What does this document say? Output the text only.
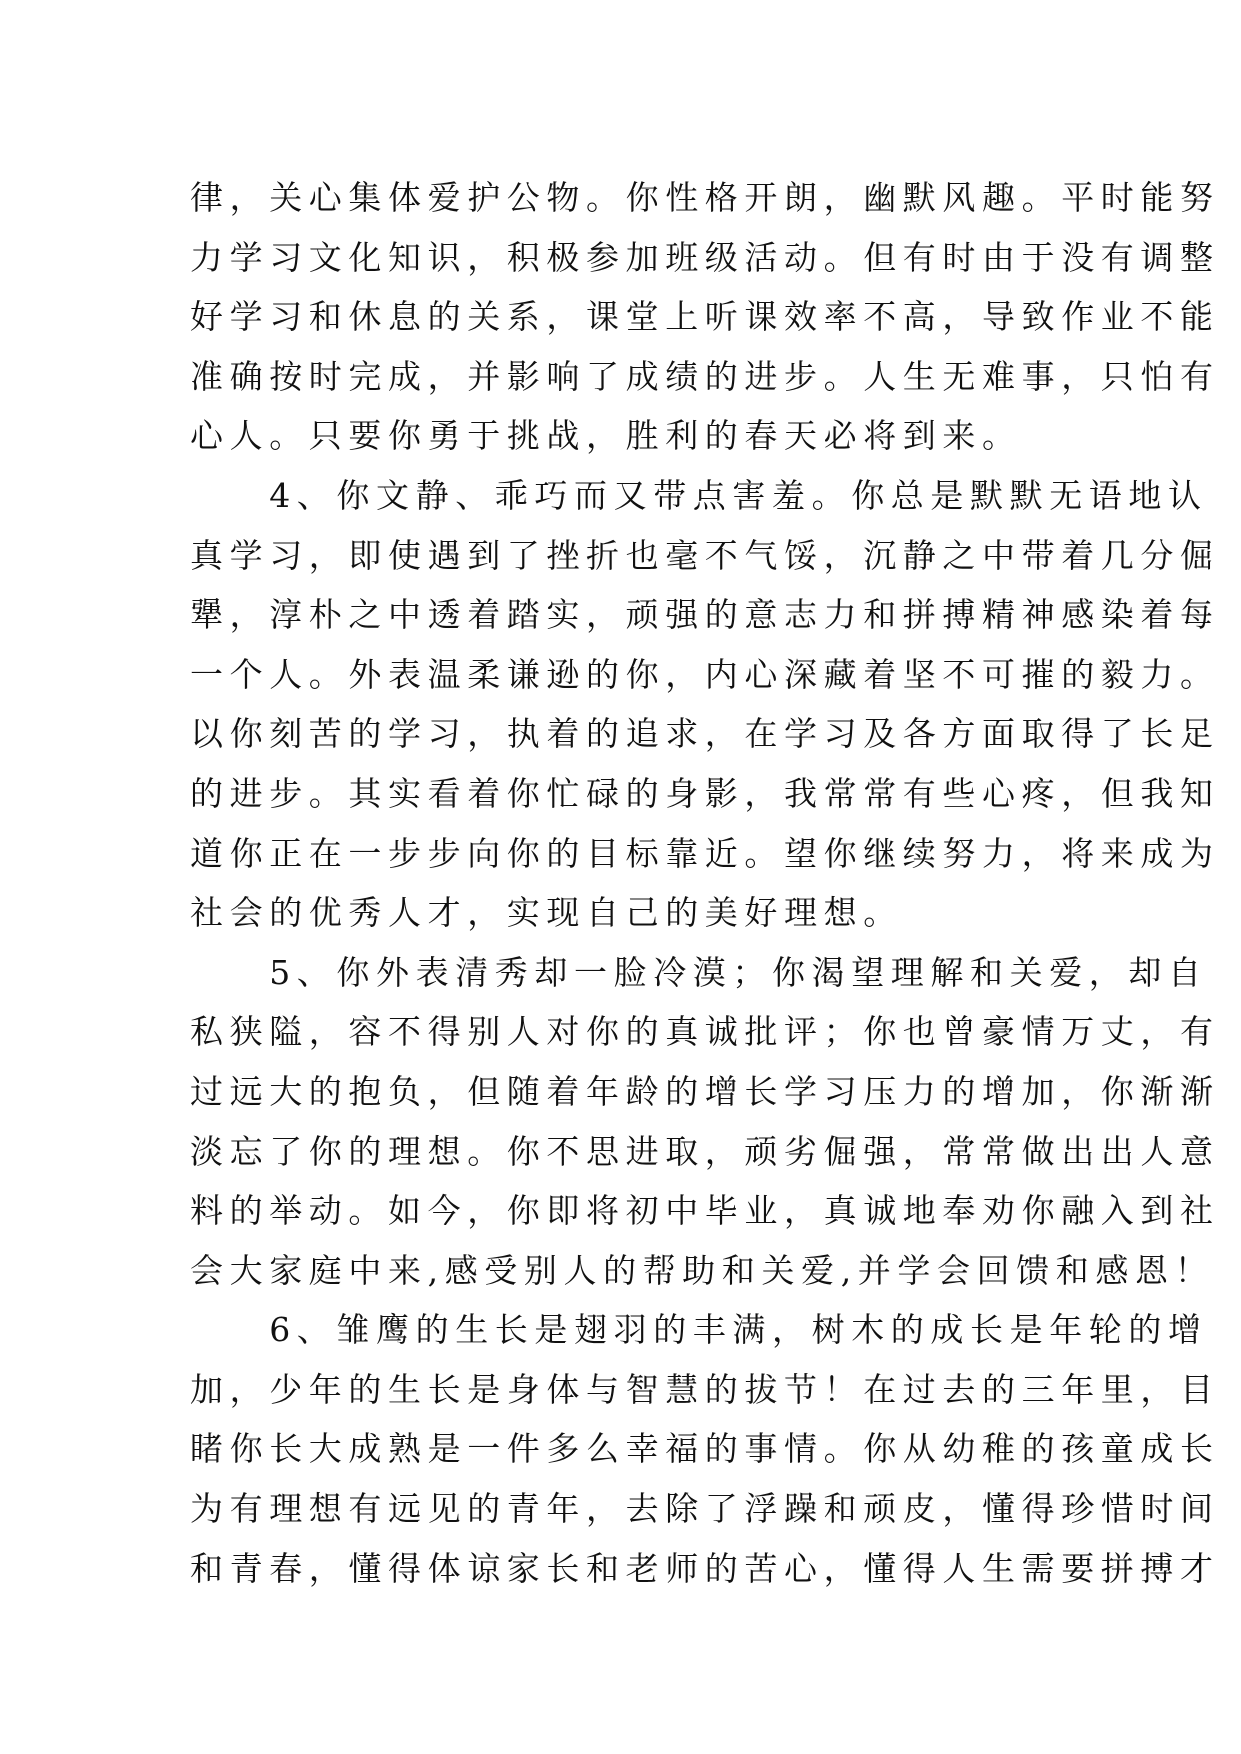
律，关心集体爱护公物。你性格开朗，幽默风趣。平时能努
力学习文化知识，积极参加班级活动。但有时由于没有调整
好学习和休息的关系，课堂上听课效率不高，导致作业不能
准确按时完成，并影响了成绩的进步。人生无难事，只怕有
心人。只要你勇于挑战，胜利的春天必将到来。
　　4、你文静、乖巧而又带点害羞。你总是默默无语地认
真学习，即使遇到了挫折也毫不气馁，沉静之中带着几分倔
犟，淳朴之中透着踏实，顽强的意志力和拼搏精神感染着每
一个人。外表温柔谦逊的你，内心深藏着坚不可摧的毅力。
以你刻苦的学习，执着的追求，在学习及各方面取得了长足
的进步。其实看着你忙碌的身影，我常常有些心疼，但我知
道你正在一步步向你的目标靠近。望你继续努力，将来成为
社会的优秀人才，实现自己的美好理想。
　　5、你外表清秀却一脸冷漠；你渴望理解和关爱，却自
私狭隘，容不得别人对你的真诚批评；你也曾豪情万丈，有
过远大的抱负，但随着年龄的增长学习压力的增加，你渐渐
淡忘了你的理想。你不思进取，顽劣倔强，常常做出出人意
料的举动。如今，你即将初中毕业，真诚地奉劝你融入到社
会大家庭中来,感受别人的帮助和关爱,并学会回馈和感恩！
　　6、雏鹰的生长是翅羽的丰满，树木的成长是年轮的增
加，少年的生长是身体与智慧的拔节！在过去的三年里，目
睹你长大成熟是一件多么幸福的事情。你从幼稚的孩童成长
为有理想有远见的青年，去除了浮躁和顽皮，懂得珍惜时间
和青春，懂得体谅家长和老师的苦心，懂得人生需要拼搏才
